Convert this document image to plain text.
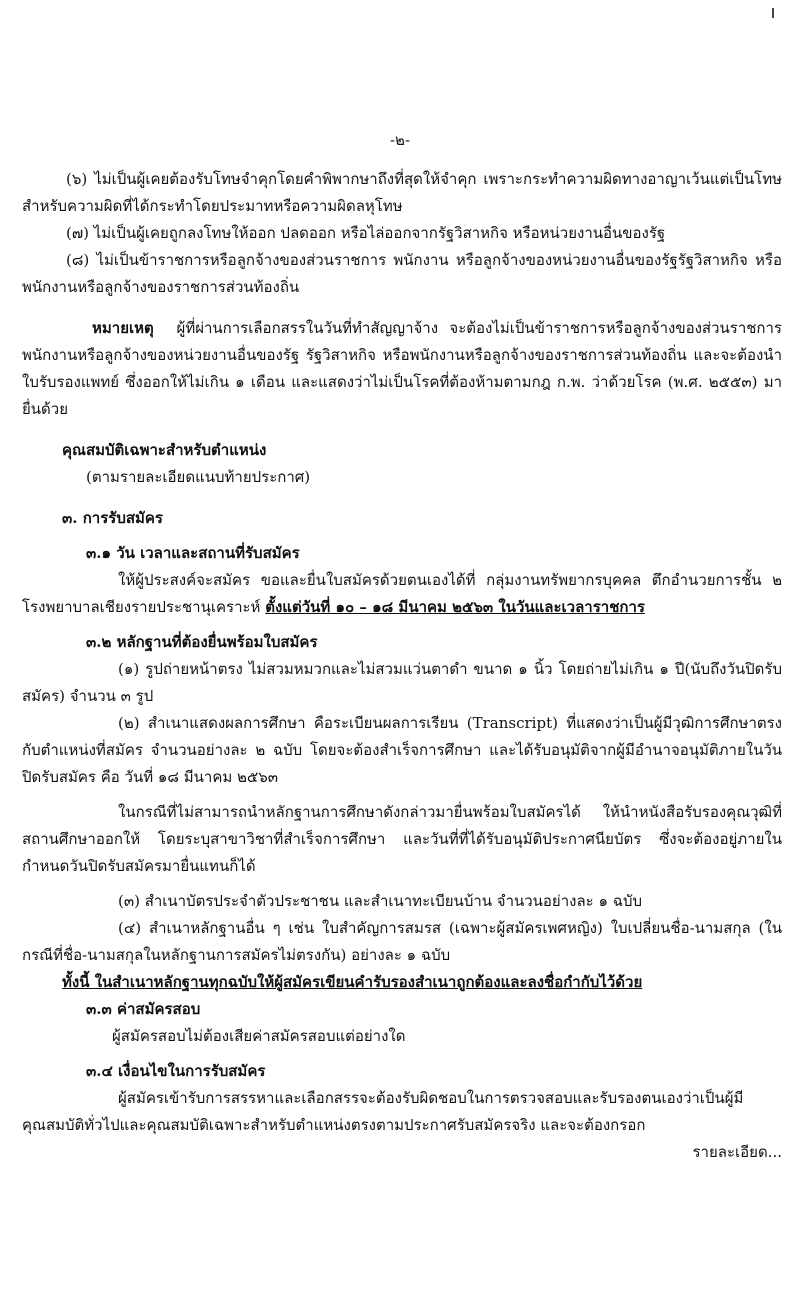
-๒-

(๖) ไม่เป็นผู้เคยต้องรับโทษจำคุกโดยคำพิพากษาถึงที่สุดให้จำคุก เพราะกระทำความผิดทางอาญาเว้นแต่เป็นโทษสำหรับความผิดที่ได้กระทำโดยประมาทหรือความผิดลหุโทษ

(๗) ไม่เป็นผู้เคยถูกลงโทษให้ออก ปลดออก หรือไล่ออกจากรัฐวิสาหกิจ หรือหน่วยงานอื่นของรัฐ

(๘) ไม่เป็นข้าราชการหรือลูกจ้างของส่วนราชการ พนักงาน หรือลูกจ้างของหน่วยงานอื่นของรัฐรัฐวิสาหกิจ หรือพนักงานหรือลูกจ้างของราชการส่วนท้องถิ่น

หมายเหตุ ผู้ที่ผ่านการเลือกสรรในวันที่ทำสัญญาจ้าง จะต้องไม่เป็นข้าราชการหรือลูกจ้างของส่วนราชการ พนักงานหรือลูกจ้างของหน่วยงานอื่นของรัฐ รัฐวิสาหกิจ หรือพนักงานหรือลูกจ้างของราชการส่วนท้องถิ่น และจะต้องนำใบรับรองแพทย์ ซึ่งออกให้ไม่เกิน ๑ เดือน และแสดงว่าไม่เป็นโรคที่ต้องห้ามตามกฎ ก.พ. ว่าด้วยโรค (พ.ศ. ๒๕๕๓) มายื่นด้วย

คุณสมบัติเฉพาะสำหรับตำแหน่ง

(ตามรายละเอียดแนบท้ายประกาศ)

๓. การรับสมัคร

๓.๑ วัน เวลาและสถานที่รับสมัคร

ให้ผู้ประสงค์จะสมัคร ขอและยื่นใบสมัครด้วยตนเองได้ที่ กลุ่มงานทรัพยากรบุคคล ตึกอำนวยการชั้น ๒ โรงพยาบาลเชียงรายประชานุเคราะห์ ตั้งแต่วันที่ ๑๐ – ๑๘ มีนาคม ๒๕๖๓ ในวันและเวลาราชการ

๓.๒ หลักฐานที่ต้องยื่นพร้อมใบสมัคร

(๑) รูปถ่ายหน้าตรง ไม่สวมหมวกและไม่สวมแว่นตาดำ ขนาด ๑ นิ้ว โดยถ่ายไม่เกิน ๑ ปี(นับถึงวันปิดรับสมัคร) จำนวน ๓ รูป

(๒) สำเนาแสดงผลการศึกษา คือระเบียนผลการเรียน (Transcript) ที่แสดงว่าเป็นผู้มีวุฒิการศึกษาตรงกับตำแหน่งที่สมัคร จำนวนอย่างละ ๒ ฉบับ โดยจะต้องสำเร็จการศึกษา และได้รับอนุมัติจากผู้มีอำนาจอนุมัติภายในวันปิดรับสมัคร คือ วันที่ ๑๘ มีนาคม ๒๕๖๓

ในกรณีที่ไม่สามารถนำหลักฐานการศึกษาดังกล่าวมายื่นพร้อมใบสมัครได้ ให้นำหนังสือรับรองคุณวุฒิที่สถานศึกษาออกให้ โดยระบุสาขาวิชาที่สำเร็จการศึกษา และวันที่ที่ได้รับอนุมัติประกาศนียบัตร ซึ่งจะต้องอยู่ภายในกำหนดวันปิดรับสมัครมายื่นแทนก็ได้

(๓) สำเนาบัตรประจำตัวประชาชน และสำเนาทะเบียนบ้าน จำนวนอย่างละ ๑ ฉบับ

(๔) สำเนาหลักฐานอื่น ๆ เช่น ใบสำคัญการสมรส (เฉพาะผู้สมัครเพศหญิง) ใบเปลี่ยนชื่อ-นามสกุล (ในกรณีที่ชื่อ-นามสกุลในหลักฐานการสมัครไม่ตรงกัน) อย่างละ ๑ ฉบับ

ทั้งนี้ ในสำเนาหลักฐานทุกฉบับให้ผู้สมัครเขียนคำรับรองสำเนาถูกต้องและลงชื่อกำกับไว้ด้วย

๓.๓ ค่าสมัครสอบ

ผู้สมัครสอบไม่ต้องเสียค่าสมัครสอบแต่อย่างใด

๓.๔ เงื่อนไขในการรับสมัคร

ผู้สมัครเข้ารับการสรรหาและเลือกสรรจะต้องรับผิดชอบในการตรวจสอบและรับรองตนเองว่าเป็นผู้มีคุณสมบัติทั่วไปและคุณสมบัติเฉพาะสำหรับตำแหน่งตรงตามประกาศรับสมัครจริง และจะต้องกรอก

รายละเอียด...
